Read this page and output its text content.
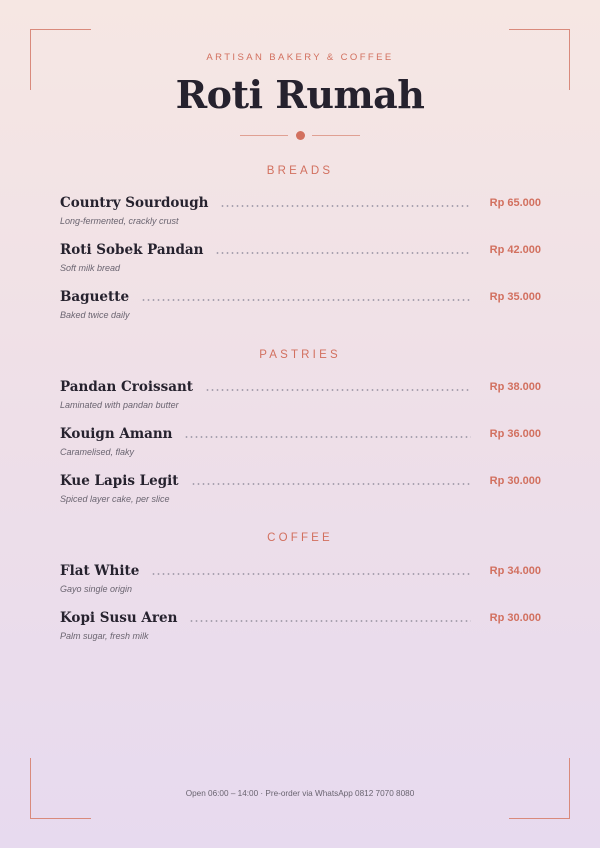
ARTISAN BAKERY & COFFEE
Roti Rumah
BREADS
Country Sourdough	Rp 65.000
Long-fermented, crackly crust
Roti Sobek Pandan	Rp 42.000
Soft milk bread
Baguette	Rp 35.000
Baked twice daily
PASTRIES
Pandan Croissant	Rp 38.000
Laminated with pandan butter
Kouign Amann	Rp 36.000
Caramelised, flaky
Kue Lapis Legit	Rp 30.000
Spiced layer cake, per slice
COFFEE
Flat White	Rp 34.000
Gayo single origin
Kopi Susu Aren	Rp 30.000
Palm sugar, fresh milk
Open 06:00 – 14:00 · Pre-order via WhatsApp 0812 7070 8080
